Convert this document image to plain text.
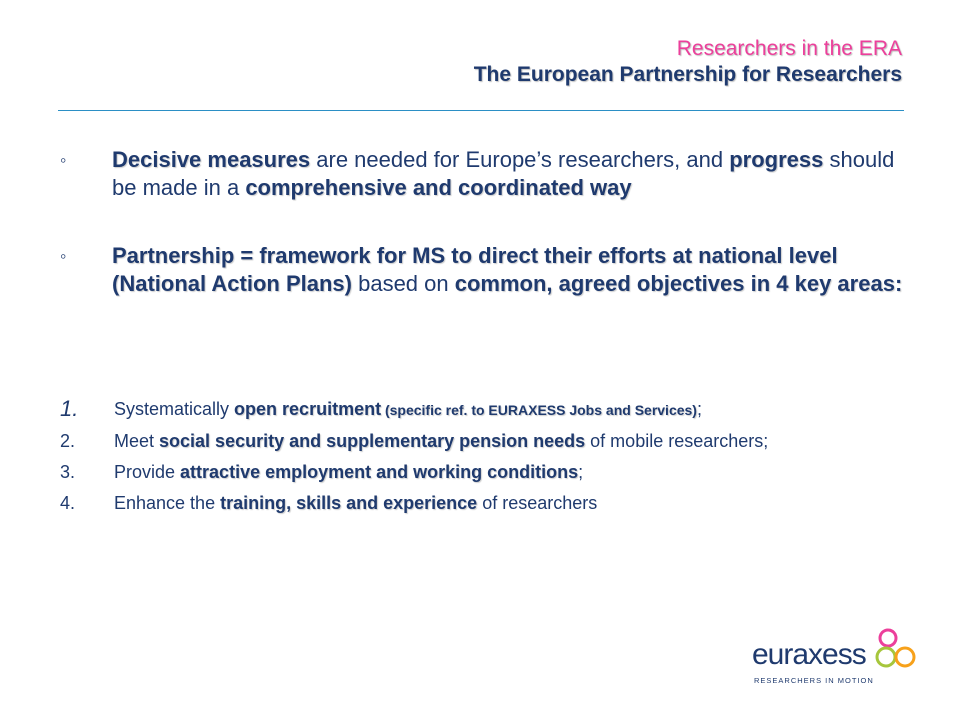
Researchers in the ERA
The European Partnership for Researchers
◦ Decisive measures are needed for Europe’s researchers, and progress should be made in a comprehensive and coordinated way
◦ Partnership = framework for MS to direct their efforts at national level (National Action Plans) based on common, agreed objectives in 4 key areas:
1. Systematically open recruitment (specific ref. to EURAXESS Jobs and Services);
2. Meet social security and supplementary pension needs of mobile researchers;
3. Provide attractive employment and working conditions;
4. Enhance the training, skills and experience of researchers
euraxess
RESEARCHERS IN MOTION
